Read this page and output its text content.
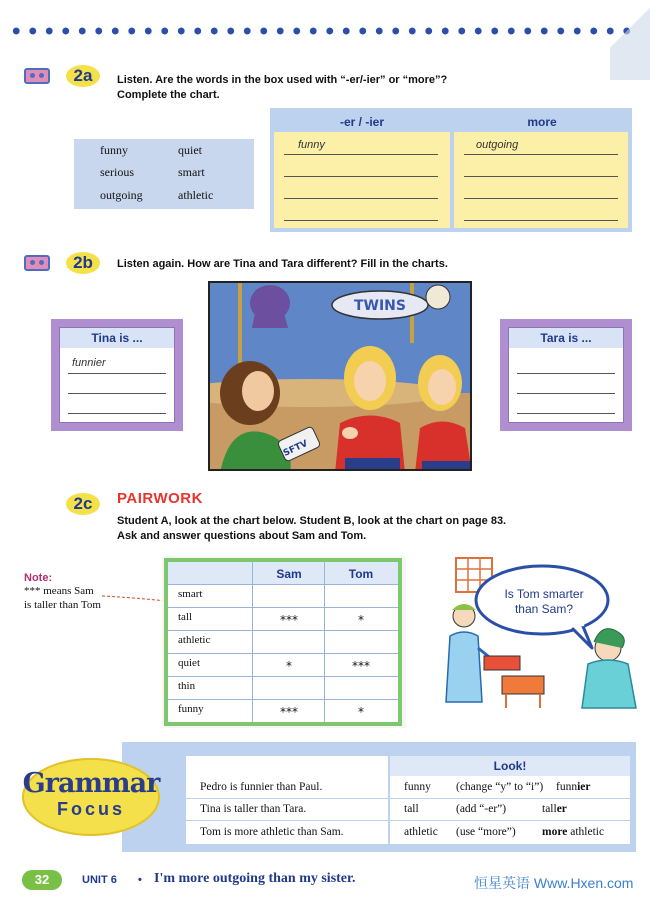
2a	Listen. Are the words in the box used with “-er/-ier” or “more”?
Complete the chart.
funny	quiet
serious	smart
outgoing	athletic
-er / -ier	more
funny	outgoing
2b	Listen again. How are Tina and Tara different? Fill in the charts.
Tina is ...
funnier
Tara is ...
TWINS
SFTV
2c	PAIRWORK
Student A, look at the chart below. Student B, look at the chart on page 83.
Ask and answer questions about Sam and Tom.
Note:
*** means Sam
is taller than Tom
Sam	Tom
smart
tall	***	*
athletic
quiet	*	***
thin
funny	***	*
Is Tom smarter
than Sam?
Look!
Pedro is funnier than Paul.
Tina is taller than Tara.
Tom is more athletic than Sam.
funny (change “y” to “i”) funnier
tall	(add “-er”)	taller
athletic (use “more”) more athletic
Grammar
Focus
32	UNIT 6 • I'm more outgoing than my sister.	恒星英语 Www.Hxen.com
